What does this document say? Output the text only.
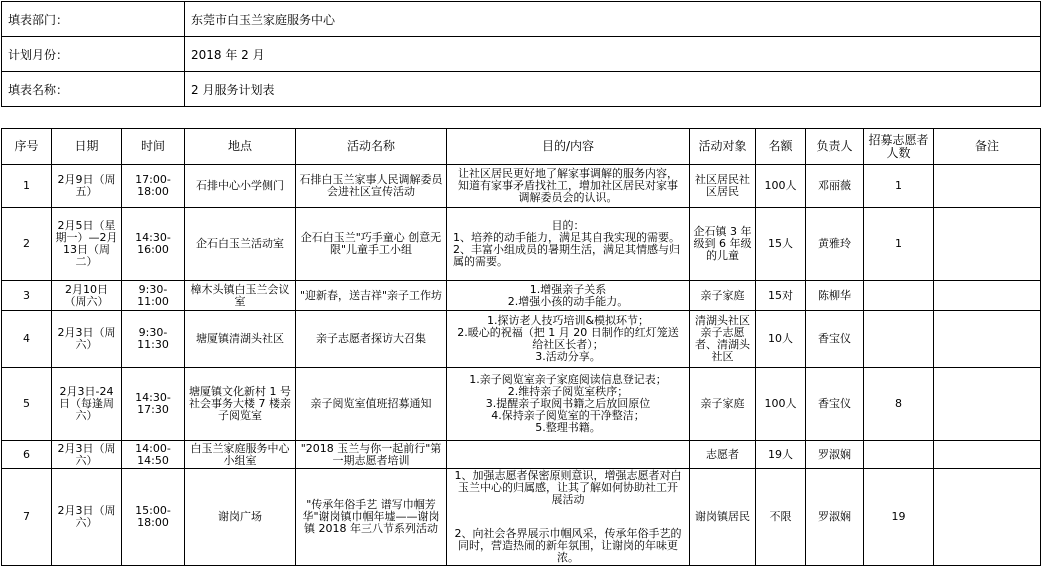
填表部门：	东莞市白玉兰家庭服务中心
计划月份：	2018 年 2 月
填表名称：	2 月服务计划表
序号	日期	时间	地点	活动名称	目的/内容	活动对象	名额	负责人	招募志愿者人数	备注
1	2月9日（周五）	17:00-18:00	石排中心小学侧门	石排白玉兰家事人民调解委员会进社区宣传活动	让社区居民更好地了解家事调解的服务内容，知道有家事矛盾找社工，增加社区居民对家事调解委员会的认识。	社区居民社区居民	100人	邓丽薇	1	
2	2月5日（星期一）—2月13日（周二）	14:30-16:00	企石白玉兰活动室	企石白玉兰"巧手童心 创意无限"儿童手工小组	目的：
1、培养的动手能力，满足其自我实现的需要。
2、丰富小组成员的暑期生活，满足其情感与归属的需要。	企石镇 3 年级到 6 年级的儿童	15人	黄雅玲	1	
3	2月10日（周六）	9:30-11:00	樟木头镇白玉兰会议室	"迎新春，送吉祥"亲子工作坊	1.增强亲子关系
2.增强小孩的动手能力。	亲子家庭	15对	陈柳华		
4	2月3日（周六）	9:30-11:30	塘厦镇清湖头社区	亲子志愿者探访大召集	1.探访老人技巧培训&模拟环节；
2.暖心的祝福（把 1 月 20 日制作的红灯笼送给社区长者）；
3.活动分享。	清湖头社区亲子志愿者、清湖头社区	10人	香宝仪		
5	2月3日-24日（每逢周六）	14:30-17:30	塘厦镇文化新村 1 号社会事务大楼 7 楼亲子阅览室	亲子阅览室值班招募通知	1.亲子阅览室亲子家庭阅读信息登记表；
2.维持亲子阅览室秩序；
3.提醒亲子取阅书籍之后放回原位
4.保持亲子阅览室的干净整洁；
5.整理书籍。	亲子家庭	100人	香宝仪	8	
6	2月3日（周六）	14:00-14:50	白玉兰家庭服务中心小组室	"2018 玉兰与你一起前行"第一期志愿者培训		志愿者	19人	罗淑娴		
7	2月3日（周六）	15:00-18:00	谢岗广场	"传承年俗手艺 谱写巾帼芳华"谢岗镇巾帼年墟——谢岗镇 2018 年三八节系列活动	1、加强志愿者保密原则意识，增强志愿者对白玉兰中心的归属感，让其了解如何协助社工开展活动
2、向社会各界展示巾帼风采，传承年俗手艺的同时，营造热闹的新年氛围，让谢岗的年味更浓。	谢岗镇居民	不限	罗淑娴	19	
